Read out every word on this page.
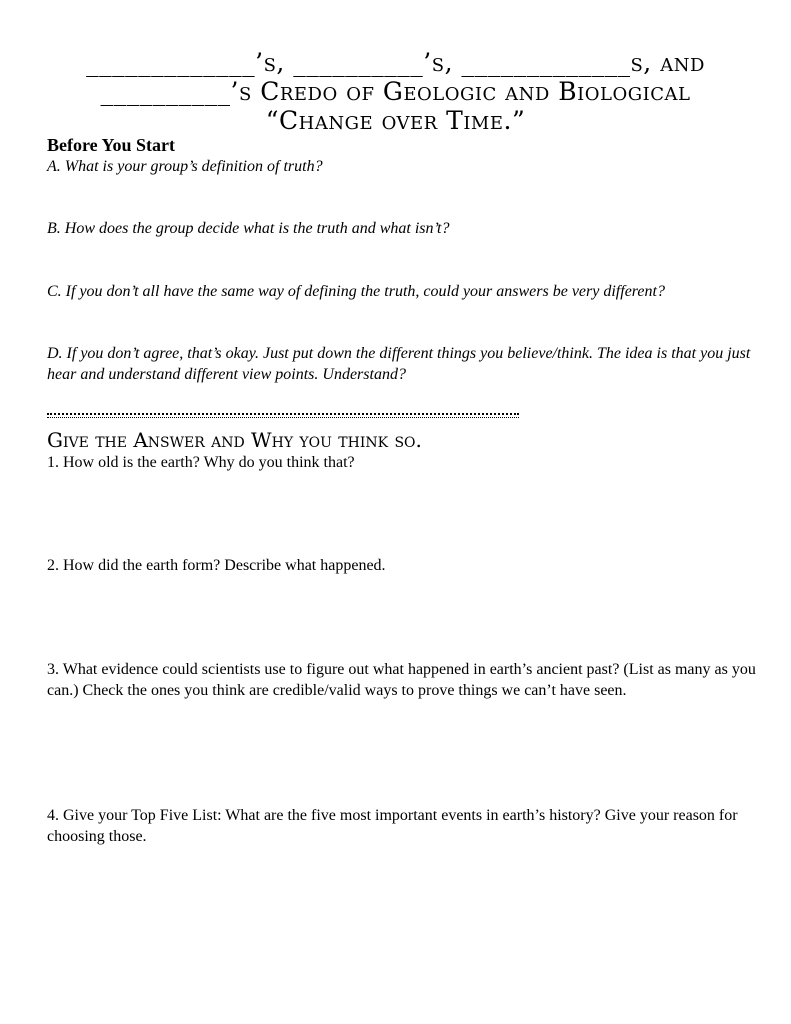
_____________’s, __________’s, _____________s, and
__________’s Credo of Geologic and Biological
“Change over Time.”
Before You Start
A. What is your group’s definition of truth?
B. How does the group decide what is the truth and what isn’t?
C. If you don’t all have the same way of defining the truth, could your answers be very different?
D. If you don’t agree, that’s okay. Just put down the different things you believe/think. The idea is that you just hear and understand different view points. Understand?
Give the Answer and Why you think so.
1. How old is the earth? Why do you think that?
2. How did the earth form? Describe what happened.
3. What evidence could scientists use to figure out what happened in earth’s ancient past? (List as many as you can.) Check the ones you think are credible/valid ways to prove things we can’t have seen.
4. Give your Top Five List: What are the five most important events in earth’s history? Give your reason for choosing those.
